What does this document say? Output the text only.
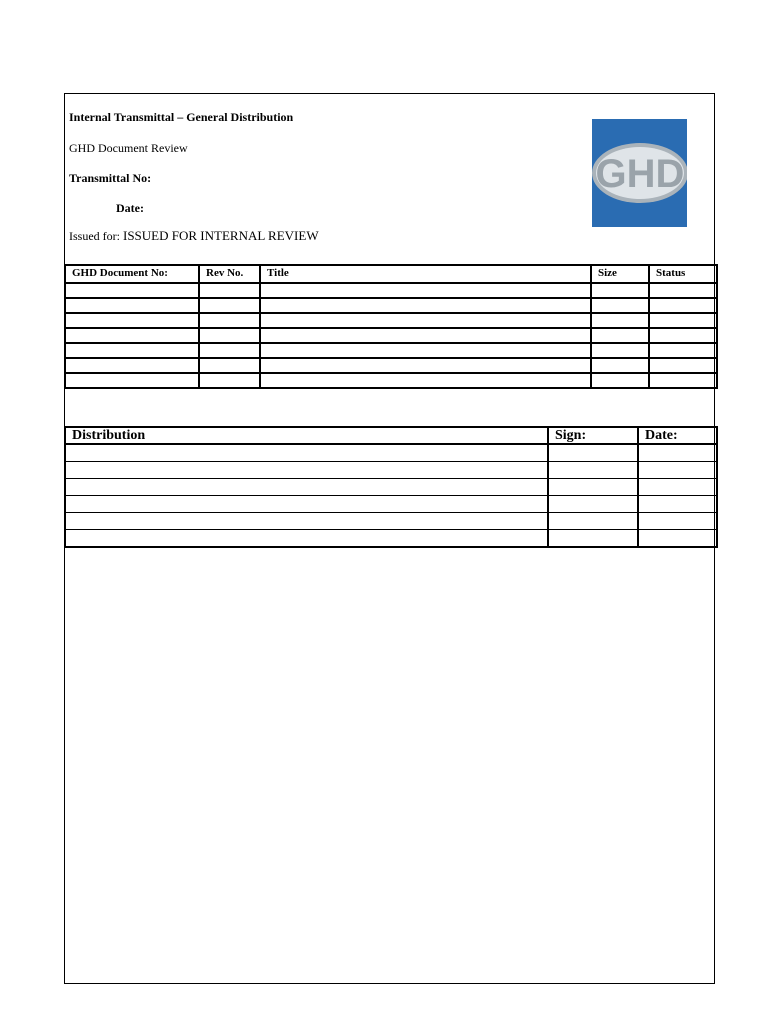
Internal Transmittal – General Distribution
GHD Document Review
Transmittal No:
Date:
Issued for: ISSUED FOR INTERNAL REVIEW
GHD
GHD Document No:	Rev No.	Title	Size	Status

Distribution	Sign:	Date:
